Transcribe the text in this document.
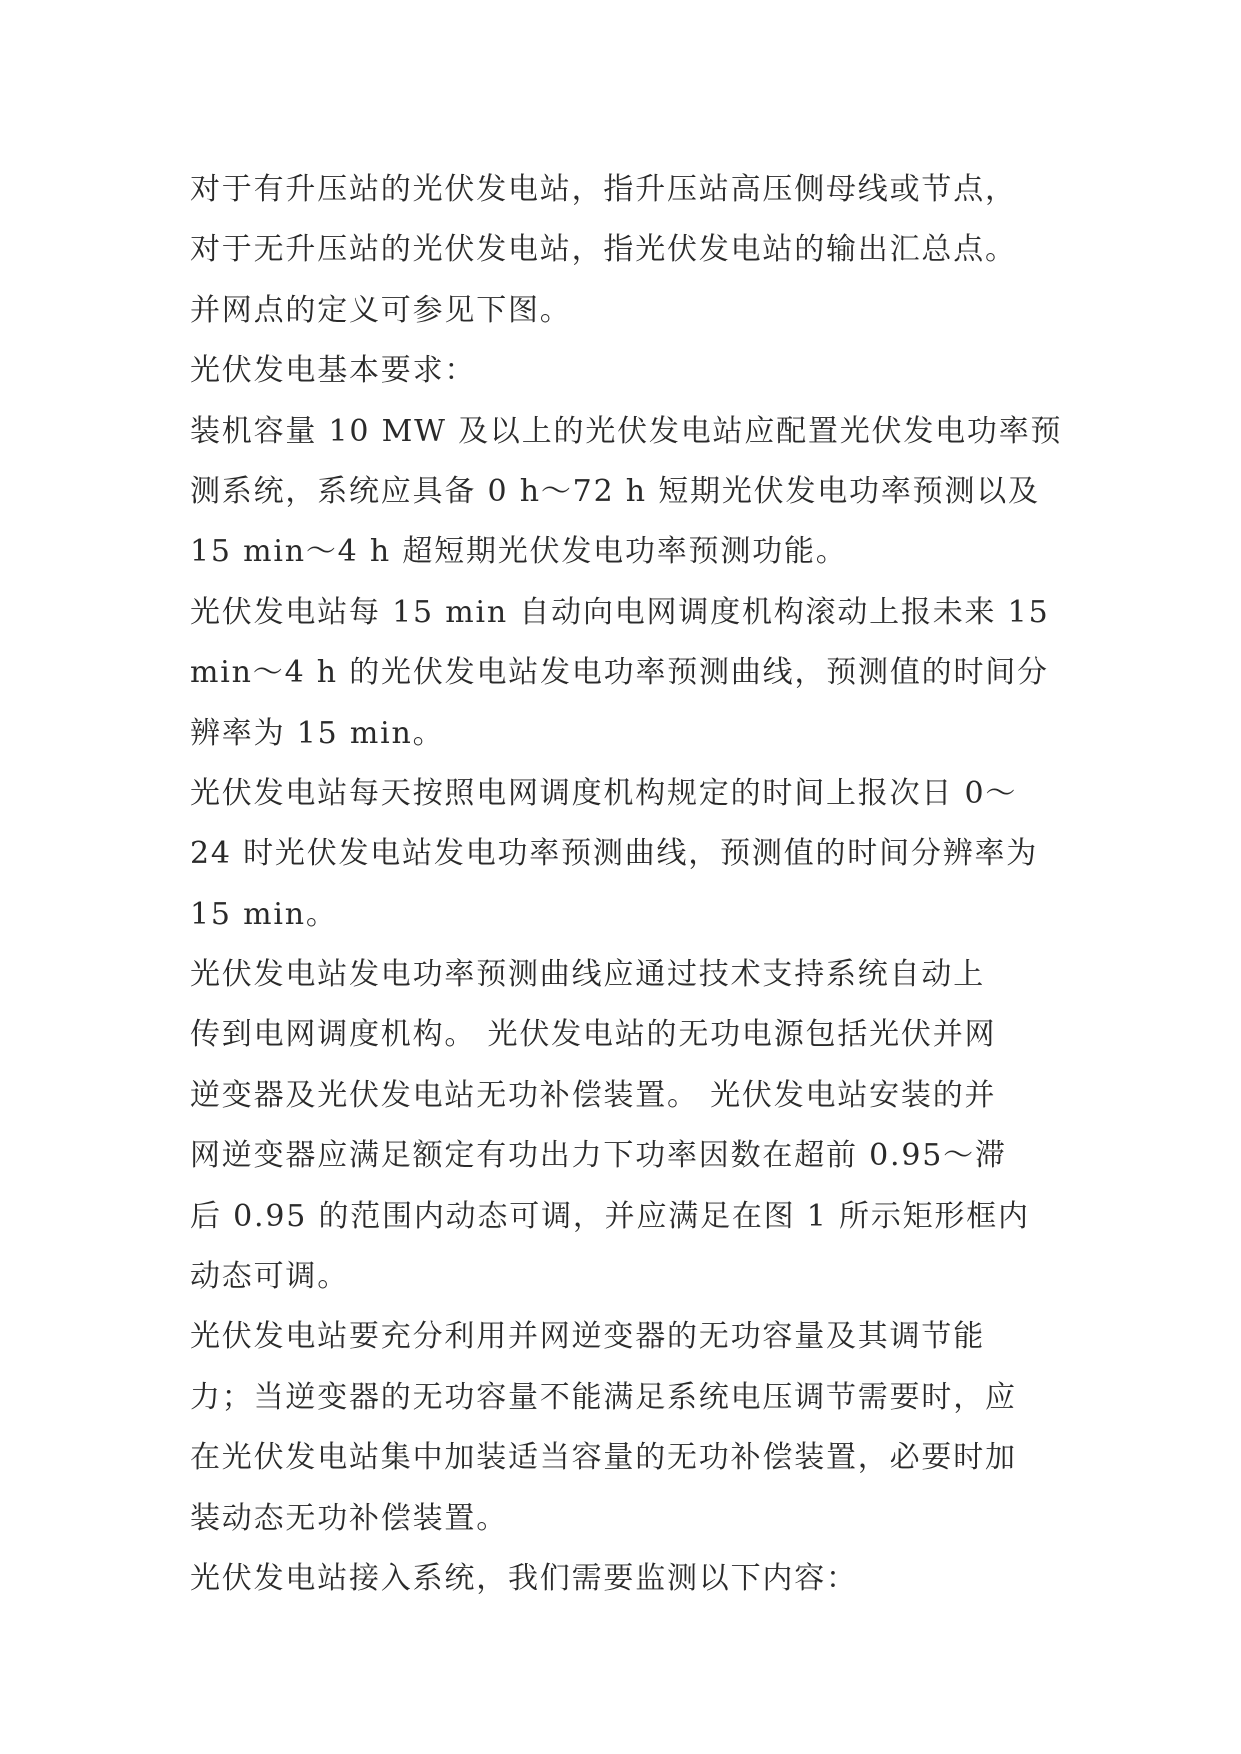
对于有升压站的光伏发电站，指升压站高压侧母线或节点，
对于无升压站的光伏发电站，指光伏发电站的输出汇总点。
并网点的定义可参见下图。
光伏发电基本要求：
装机容量 10 MW 及以上的光伏发电站应配置光伏发电功率预
测系统，系统应具备 0 h～72 h 短期光伏发电功率预测以及
15 min～4 h 超短期光伏发电功率预测功能。
光伏发电站每 15 min 自动向电网调度机构滚动上报未来 15
min～4 h 的光伏发电站发电功率预测曲线，预测值的时间分
辨率为 15 min。
光伏发电站每天按照电网调度机构规定的时间上报次日 0～
24 时光伏发电站发电功率预测曲线，预测值的时间分辨率为
15 min。
光伏发电站发电功率预测曲线应通过技术支持系统自动上
传到电网调度机构。 光伏发电站的无功电源包括光伏并网
逆变器及光伏发电站无功补偿装置。 光伏发电站安装的并
网逆变器应满足额定有功出力下功率因数在超前 0.95～滞
后 0.95 的范围内动态可调，并应满足在图 1 所示矩形框内
动态可调。
光伏发电站要充分利用并网逆变器的无功容量及其调节能
力；当逆变器的无功容量不能满足系统电压调节需要时，应
在光伏发电站集中加装适当容量的无功补偿装置，必要时加
装动态无功补偿装置。
光伏发电站接入系统，我们需要监测以下内容：
